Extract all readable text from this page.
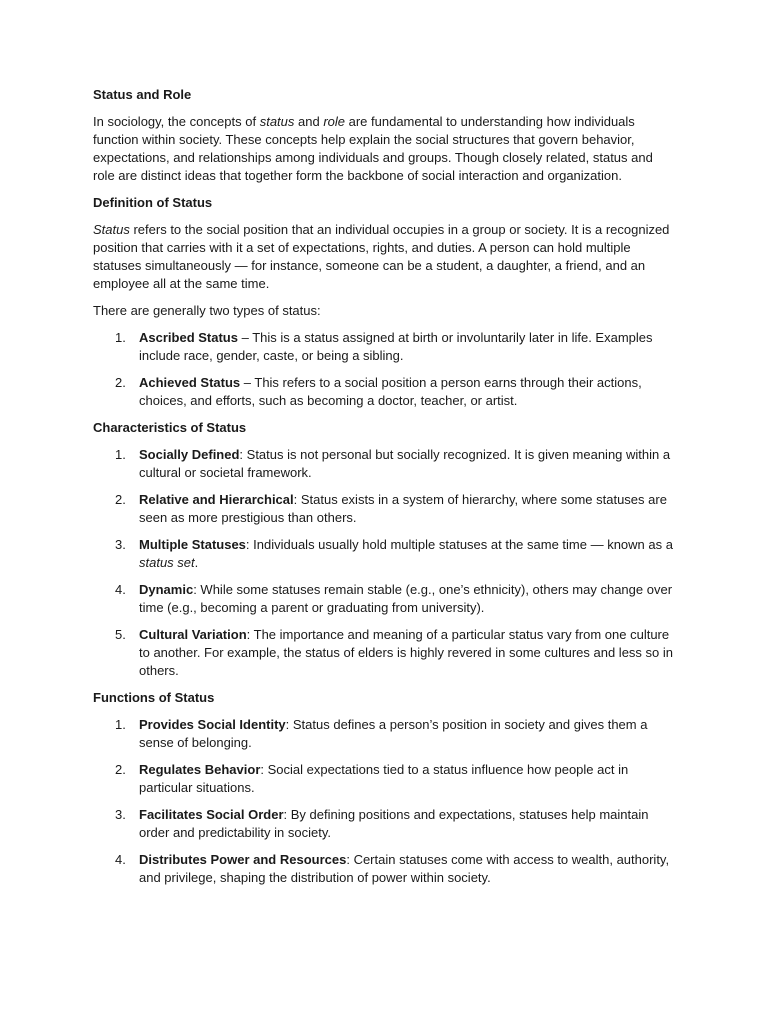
Status and Role

In sociology, the concepts of status and role are fundamental to understanding how individuals function within society. These concepts help explain the social structures that govern behavior, expectations, and relationships among individuals and groups. Though closely related, status and role are distinct ideas that together form the backbone of social interaction and organization.

Definition of Status

Status refers to the social position that an individual occupies in a group or society. It is a recognized position that carries with it a set of expectations, rights, and duties. A person can hold multiple statuses simultaneously — for instance, someone can be a student, a daughter, a friend, and an employee all at the same time.

There are generally two types of status:

1. Ascribed Status – This is a status assigned at birth or involuntarily later in life. Examples include race, gender, caste, or being a sibling.
2. Achieved Status – This refers to a social position a person earns through their actions, choices, and efforts, such as becoming a doctor, teacher, or artist.

Characteristics of Status

1. Socially Defined: Status is not personal but socially recognized. It is given meaning within a cultural or societal framework.
2. Relative and Hierarchical: Status exists in a system of hierarchy, where some statuses are seen as more prestigious than others.
3. Multiple Statuses: Individuals usually hold multiple statuses at the same time — known as a status set.
4. Dynamic: While some statuses remain stable (e.g., one’s ethnicity), others may change over time (e.g., becoming a parent or graduating from university).
5. Cultural Variation: The importance and meaning of a particular status vary from one culture to another. For example, the status of elders is highly revered in some cultures and less so in others.

Functions of Status

1. Provides Social Identity: Status defines a person’s position in society and gives them a sense of belonging.
2. Regulates Behavior: Social expectations tied to a status influence how people act in particular situations.
3. Facilitates Social Order: By defining positions and expectations, statuses help maintain order and predictability in society.
4. Distributes Power and Resources: Certain statuses come with access to wealth, authority, and privilege, shaping the distribution of power within society.
